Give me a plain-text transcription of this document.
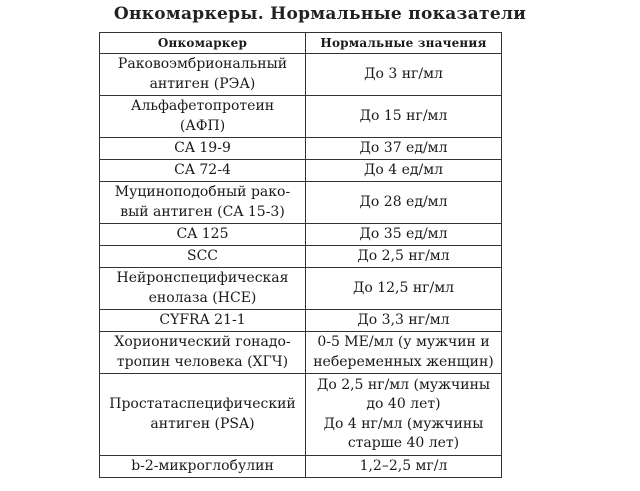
Онкомаркеры. Нормальные показатели
Онкомаркер	Нормальные значения

Раковоэмбриональный
антиген (РЭА)	До 3 нг/мл

Альфафетопротеин
(АФП)	До 15 нг/мл

CA 19-9	До 37 ед/мл

CA 72-4	До 4 ед/мл

Муциноподобный рако-
вый антиген (CA 15-3)	До 28 ед/мл

CA 125	До 35 ед/мл

SCC	До 2,5 нг/мл

Нейронспецифическая
енолаза (НСЕ)	До 12,5 нг/мл

CYFRA 21-1	До 3,3 нг/мл

Хорионический гонадо-
тропин человека (ХГЧ)	0-5 МЕ/мл (у мужчин и
небеременных женщин)

Простатаспецифический
антиген (PSA)	До 2,5 нг/мл (мужчины
до 40 лет)
До 4 нг/мл (мужчины
старше 40 лет)

b-2-микроглобулин	1,2–2,5 мг/л
